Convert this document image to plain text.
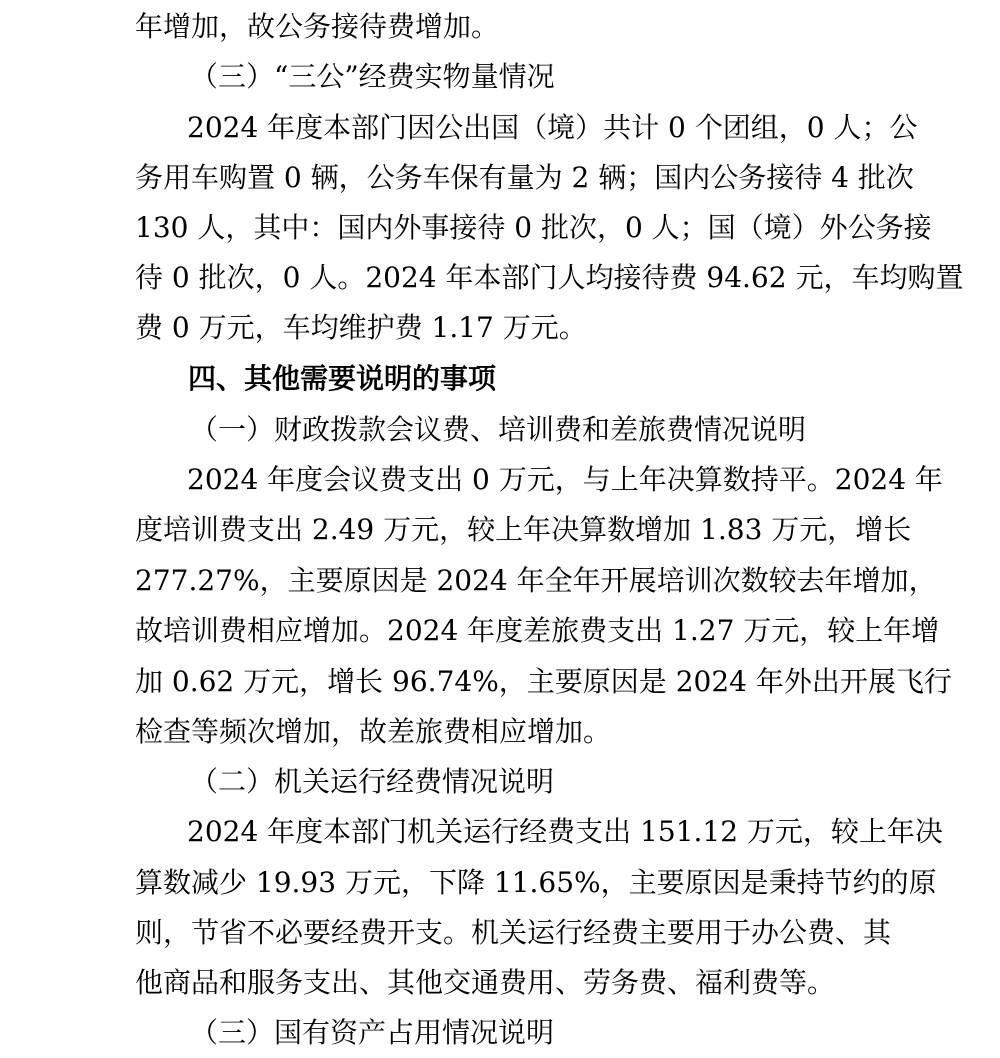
年增加，故公务接待费增加。
（三）“三公”经费实物量情况
2024 年度本部门因公出国（境）共计 0 个团组，0 人；公
务用车购置 0 辆，公务车保有量为 2 辆；国内公务接待 4 批次
130 人，其中：国内外事接待 0 批次，0 人；国（境）外公务接
待 0 批次，0 人。2024 年本部门人均接待费 94.62 元，车均购置
费 0 万元，车均维护费 1.17 万元。
四、其他需要说明的事项
（一）财政拨款会议费、培训费和差旅费情况说明
2024 年度会议费支出 0 万元，与上年决算数持平。2024 年
度培训费支出 2.49 万元，较上年决算数增加 1.83 万元，增长
277.27%，主要原因是 2024 年全年开展培训次数较去年增加，
故培训费相应增加。2024 年度差旅费支出 1.27 万元，较上年增
加 0.62 万元，增长 96.74%，主要原因是 2024 年外出开展飞行
检查等频次增加，故差旅费相应增加。
（二）机关运行经费情况说明
2024 年度本部门机关运行经费支出 151.12 万元，较上年决
算数减少 19.93 万元，下降 11.65%，主要原因是秉持节约的原
则，节省不必要经费开支。机关运行经费主要用于办公费、其
他商品和服务支出、其他交通费用、劳务费、福利费等。
（三）国有资产占用情况说明
